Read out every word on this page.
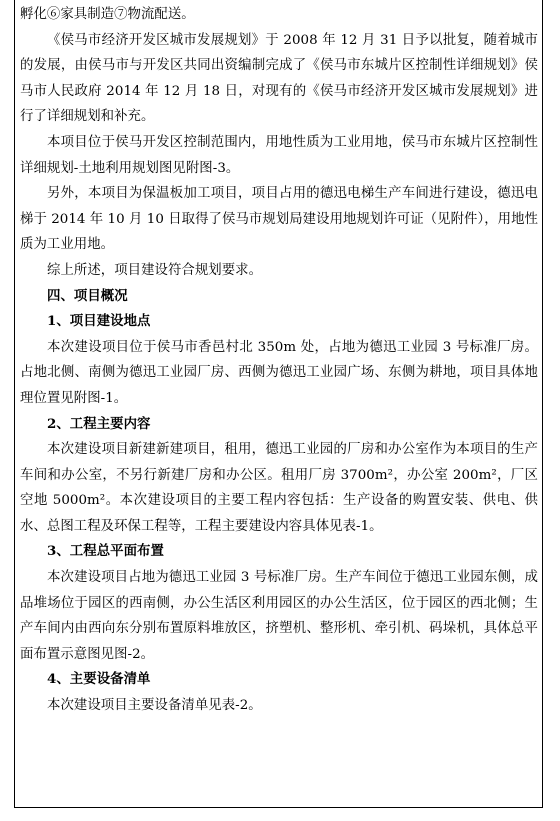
孵化⑥家具制造⑦物流配送。

《侯马市经济开发区城市发展规划》于 2008 年 12 月 31 日予以批复，随着城市的发展，由侯马市与开发区共同出资编制完成了《侯马市东城片区控制性详细规划》侯马市人民政府 2014 年 12 月 18 日，对现有的《侯马市经济开发区城市发展规划》进行了详细规划和补充。

本项目位于侯马开发区控制范围内，用地性质为工业用地，侯马市东城片区控制性详细规划-土地利用规划图见附图-3。

另外，本项目为保温板加工项目，项目占用的德迅电梯生产车间进行建设，德迅电梯于 2014 年 10 月 10 日取得了侯马市规划局建设用地规划许可证（见附件），用地性质为工业用地。

综上所述，项目建设符合规划要求。

四、项目概况

1、项目建设地点

本次建设项目位于侯马市香邑村北 350m 处，占地为德迅工业园 3 号标准厂房。占地北侧、南侧为德迅工业园厂房、西侧为德迅工业园广场、东侧为耕地，项目具体地理位置见附图-1。

2、工程主要内容

本次建设项目新建新建项目，租用，德迅工业园的厂房和办公室作为本项目的生产车间和办公室，不另行新建厂房和办公区。租用厂房 3700m²，办公室 200m²，厂区空地 5000m²。本次建设项目的主要工程内容包括：生产设备的购置安装、供电、供水、总图工程及环保工程等，工程主要建设内容具体见表-1。

3、工程总平面布置

本次建设项目占地为德迅工业园 3 号标准厂房。生产车间位于德迅工业园东侧，成品堆场位于园区的西南侧，办公生活区利用园区的办公生活区，位于园区的西北侧；生产车间内由西向东分别布置原料堆放区，挤塑机、整形机、牵引机、码垛机，具体总平面布置示意图见图-2。

4、主要设备清单

本次建设项目主要设备清单见表-2。
